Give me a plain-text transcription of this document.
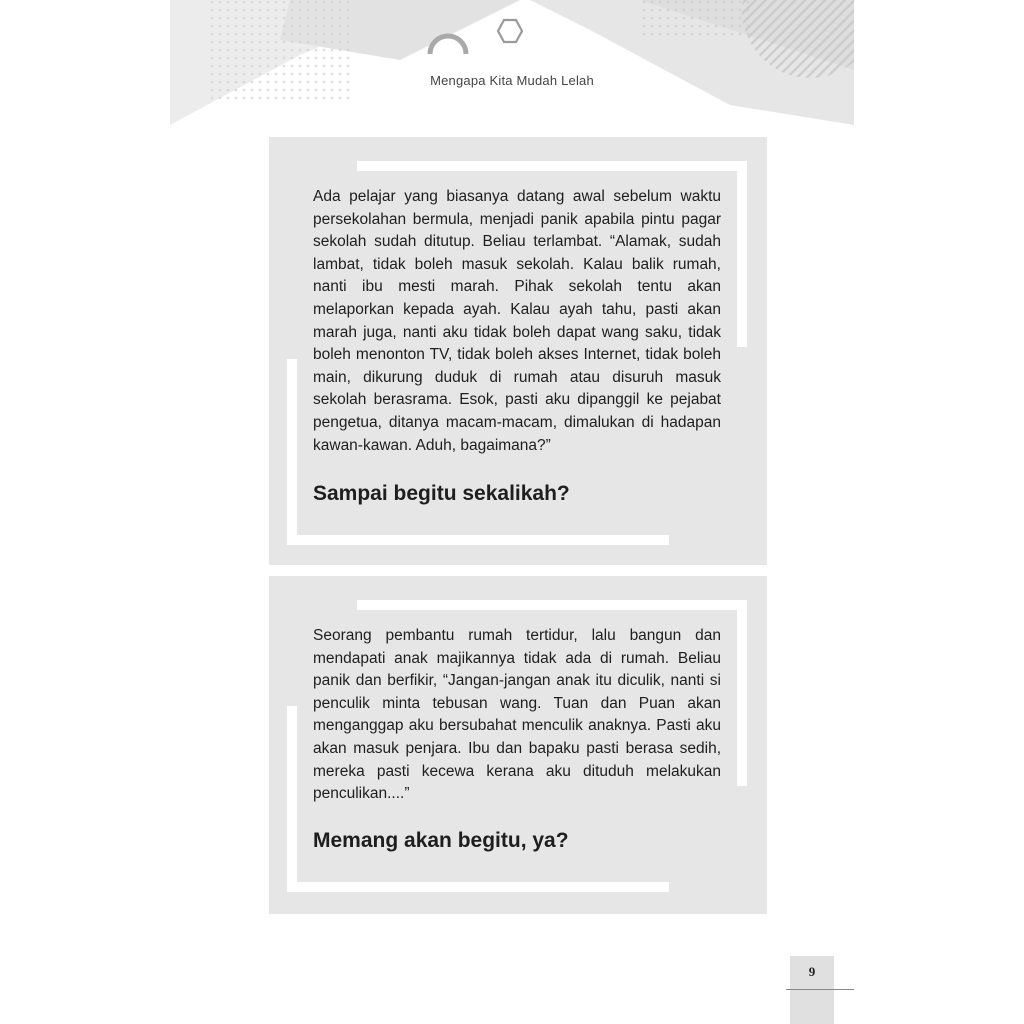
Mengapa Kita Mudah Lelah

Ada pelajar yang biasanya datang awal sebelum waktu persekolahan bermula, menjadi panik apabila pintu pagar sekolah sudah ditutup. Beliau terlambat. “Alamak, sudah lambat, tidak boleh masuk sekolah. Kalau balik rumah, nanti ibu mesti marah. Pihak sekolah tentu akan melaporkan kepada ayah. Kalau ayah tahu, pasti akan marah juga, nanti aku tidak boleh dapat wang saku, tidak boleh menonton TV, tidak boleh akses Internet, tidak boleh main, dikurung duduk di rumah atau disuruh masuk sekolah berasrama. Esok, pasti aku dipanggil ke pejabat pengetua, ditanya macam-macam, dimalukan di hadapan kawan-kawan. Aduh, bagaimana?”

Sampai begitu sekalikah?

Seorang pembantu rumah tertidur, lalu bangun dan mendapati anak majikannya tidak ada di rumah. Beliau panik dan berfikir, “Jangan-jangan anak itu diculik, nanti si penculik minta tebusan wang. Tuan dan Puan akan menganggap aku bersubahat menculik anaknya. Pasti aku akan masuk penjara. Ibu dan bapaku pasti berasa sedih, mereka pasti kecewa kerana aku dituduh melakukan penculikan....”

Memang akan begitu, ya?
9
